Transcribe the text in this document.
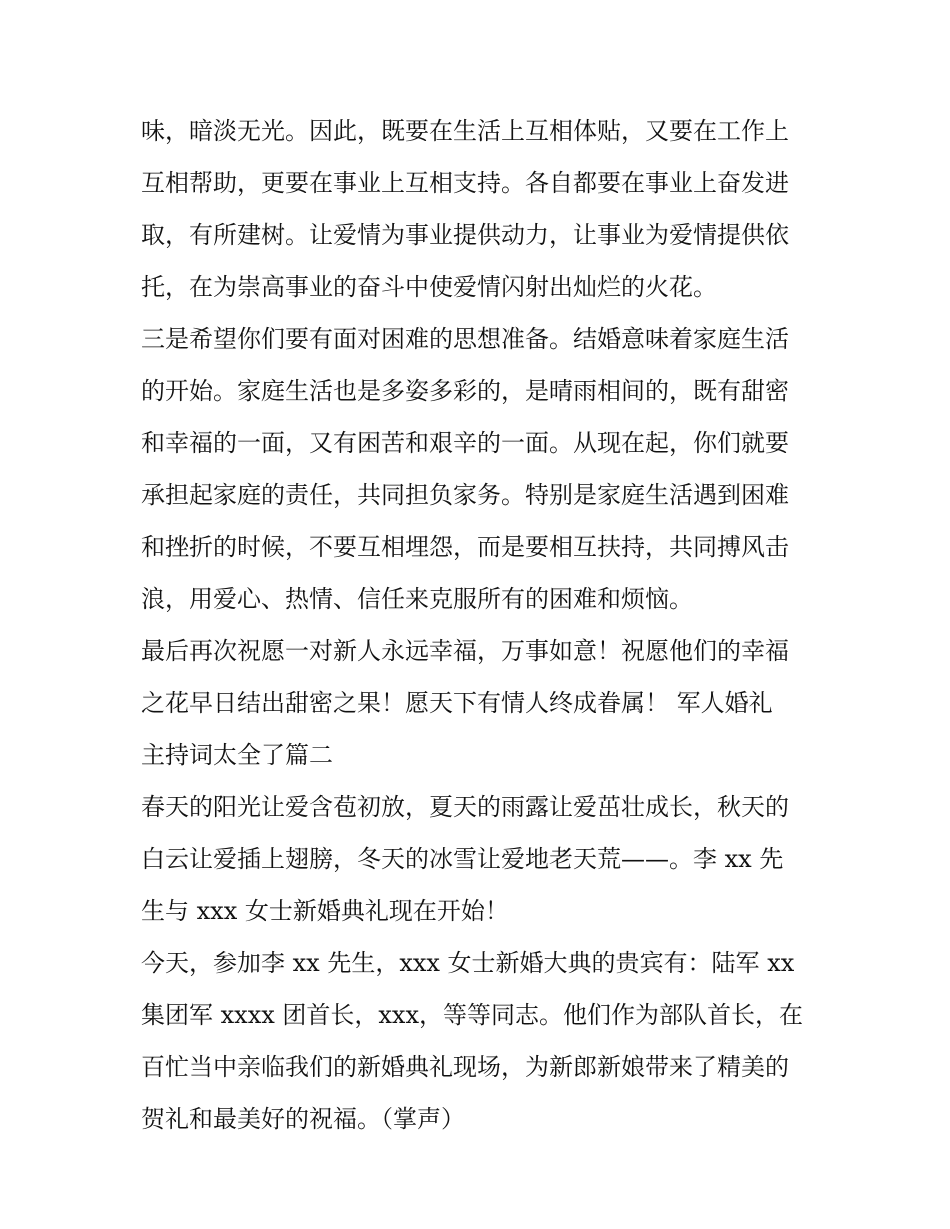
味，暗淡无光。因此，既要在生活上互相体贴，又要在工作上
互相帮助，更要在事业上互相支持。各自都要在事业上奋发进
取，有所建树。让爱情为事业提供动力，让事业为爱情提供依
托，在为崇高事业的奋斗中使爱情闪射出灿烂的火花。
三是希望你们要有面对困难的思想准备。结婚意味着家庭生活
的开始。家庭生活也是多姿多彩的，是晴雨相间的，既有甜密
和幸福的一面，又有困苦和艰辛的一面。从现在起，你们就要
承担起家庭的责任，共同担负家务。特别是家庭生活遇到困难
和挫折的时候，不要互相埋怨，而是要相互扶持，共同搏风击
浪，用爱心、热情、信任来克服所有的困难和烦恼。
最后再次祝愿一对新人永远幸福，万事如意！祝愿他们的幸福
之花早日结出甜密之果！愿天下有情人终成眷属！ 军人婚礼
主持词太全了篇二
春天的阳光让爱含苞初放，夏天的雨露让爱茁壮成长，秋天的
白云让爱插上翅膀，冬天的冰雪让爱地老天荒——。李 xx 先
生与 xxx 女士新婚典礼现在开始！
今天，参加李 xx 先生，xxx 女士新婚大典的贵宾有：陆军 xx
集团军 xxxx 团首长，xxx，等等同志。他们作为部队首长，在
百忙当中亲临我们的新婚典礼现场，为新郎新娘带来了精美的
贺礼和最美好的祝福。（掌声）
